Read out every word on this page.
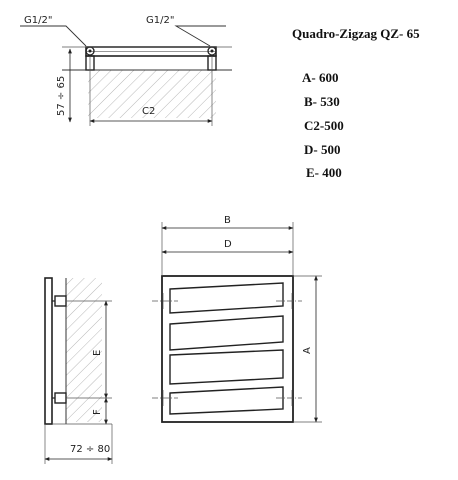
Quadro-Zigzag QZ- 65
A- 600
B- 530
C2-500
D- 500
E- 400
G1/2"	G1/2"
57 ÷ 65	C2
E
F
72 ÷ 80
B
D
A
